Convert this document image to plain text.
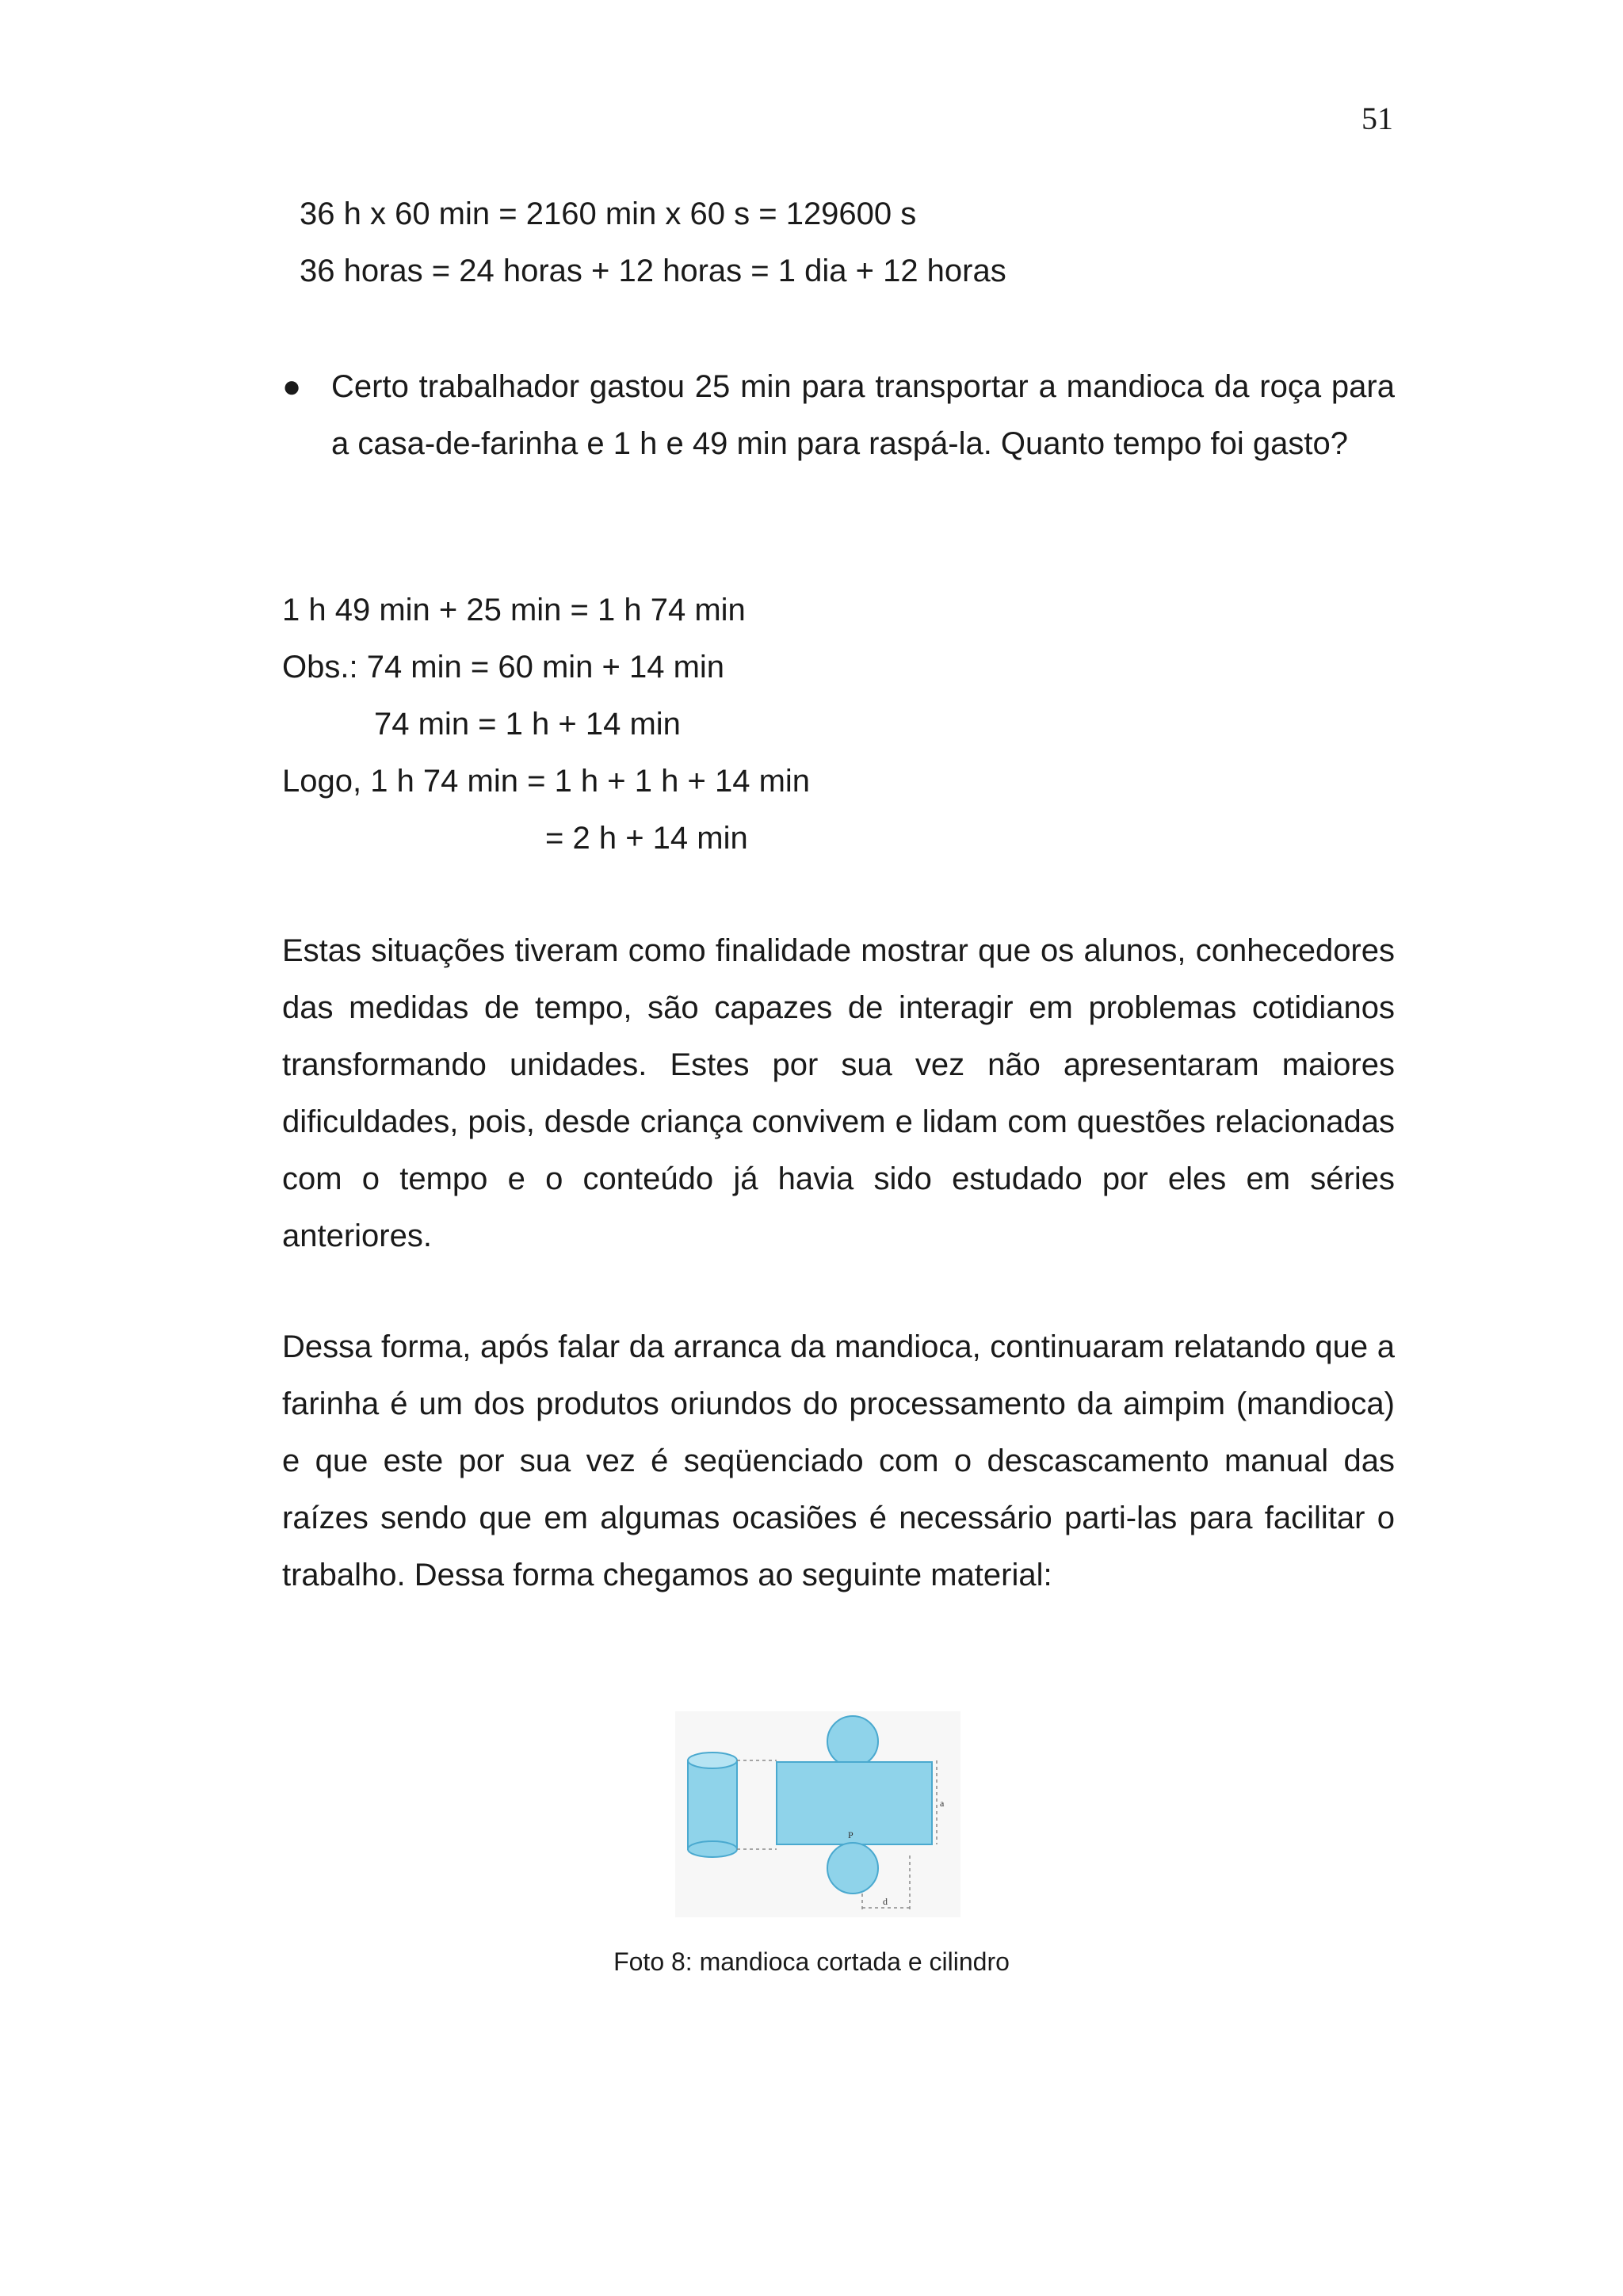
51
36 h x 60 min = 2160 min x 60 s = 129600 s
36 horas = 24 horas + 12 horas = 1 dia + 12 horas
● Certo trabalhador gastou 25 min para transportar a mandioca da roça para a casa-de-farinha e 1 h e 49 min para raspá-la. Quanto tempo foi gasto?
1 h 49 min + 25 min = 1 h 74 min
Obs.: 74 min = 60 min + 14 min
74 min = 1 h + 14 min
Logo, 1 h 74 min = 1 h + 1 h + 14 min
= 2 h + 14 min
Estas situações tiveram como finalidade mostrar que os alunos, conhecedores das medidas de tempo, são capazes de interagir em problemas cotidianos transformando unidades. Estes por sua vez não apresentaram maiores dificuldades, pois, desde criança convivem e lidam com questões relacionadas com o tempo e o conteúdo já havia sido estudado por eles em séries anteriores.
Dessa forma, após falar da arranca da mandioca, continuaram relatando que a farinha é um dos produtos oriundos do processamento da aimpim (mandioca) e que este por sua vez é seqüenciado com o descascamento manual das raízes sendo que em algumas ocasiões é necessário parti-las para facilitar o trabalho. Dessa forma chegamos ao seguinte material:
a
P
d
Foto 8: mandioca cortada e cilindro
